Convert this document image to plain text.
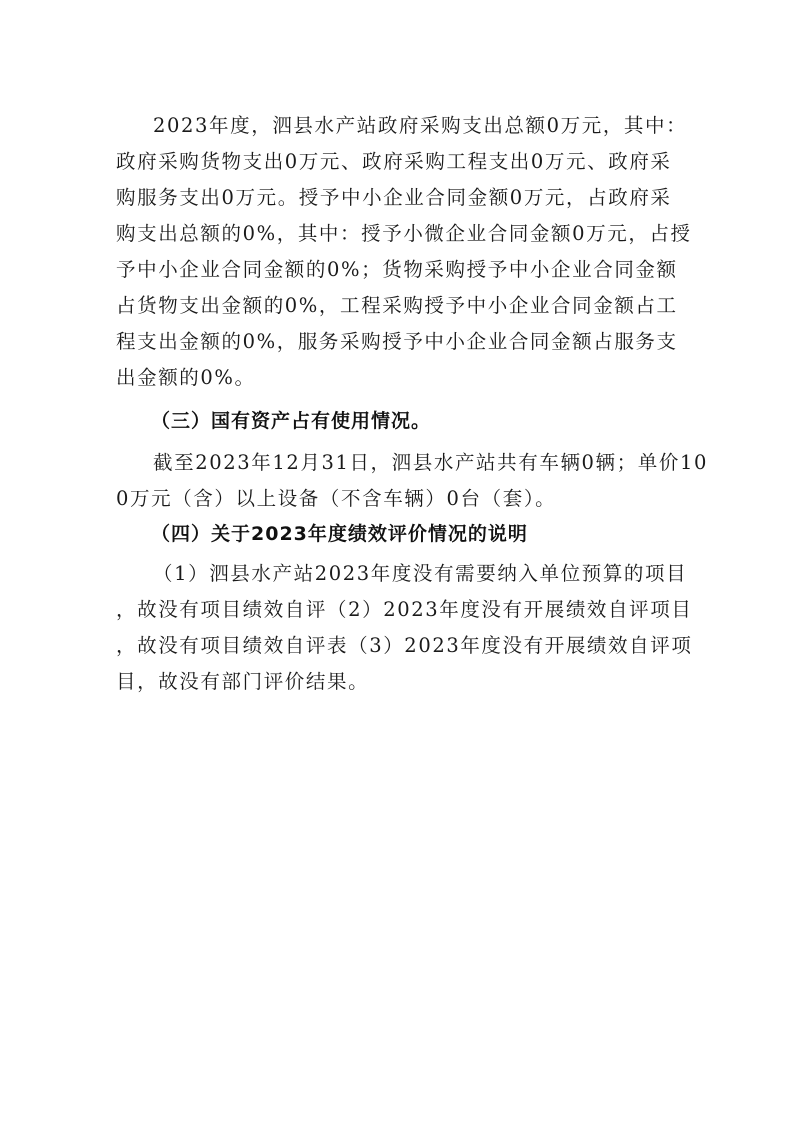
2023年度，泗县水产站政府采购支出总额0万元，其中：

政府采购货物支出0万元、政府采购工程支出0万元、政府采

购服务支出0万元。授予中小企业合同金额0万元，占政府采

购支出总额的0%，其中：授予小微企业合同金额0万元，占授

予中小企业合同金额的0%；货物采购授予中小企业合同金额

占货物支出金额的0%，工程采购授予中小企业合同金额占工

程支出金额的0%，服务采购授予中小企业合同金额占服务支

出金额的0%。

（三）国有资产占有使用情况。

截至2023年12月31日，泗县水产站共有车辆0辆；单价10

0万元（含）以上设备（不含车辆）0台（套）。

（四）关于2023年度绩效评价情况的说明

（1）泗县水产站2023年度没有需要纳入单位预算的项目

，故没有项目绩效自评（2）2023年度没有开展绩效自评项目

，故没有项目绩效自评表（3）2023年度没有开展绩效自评项

目，故没有部门评价结果。
